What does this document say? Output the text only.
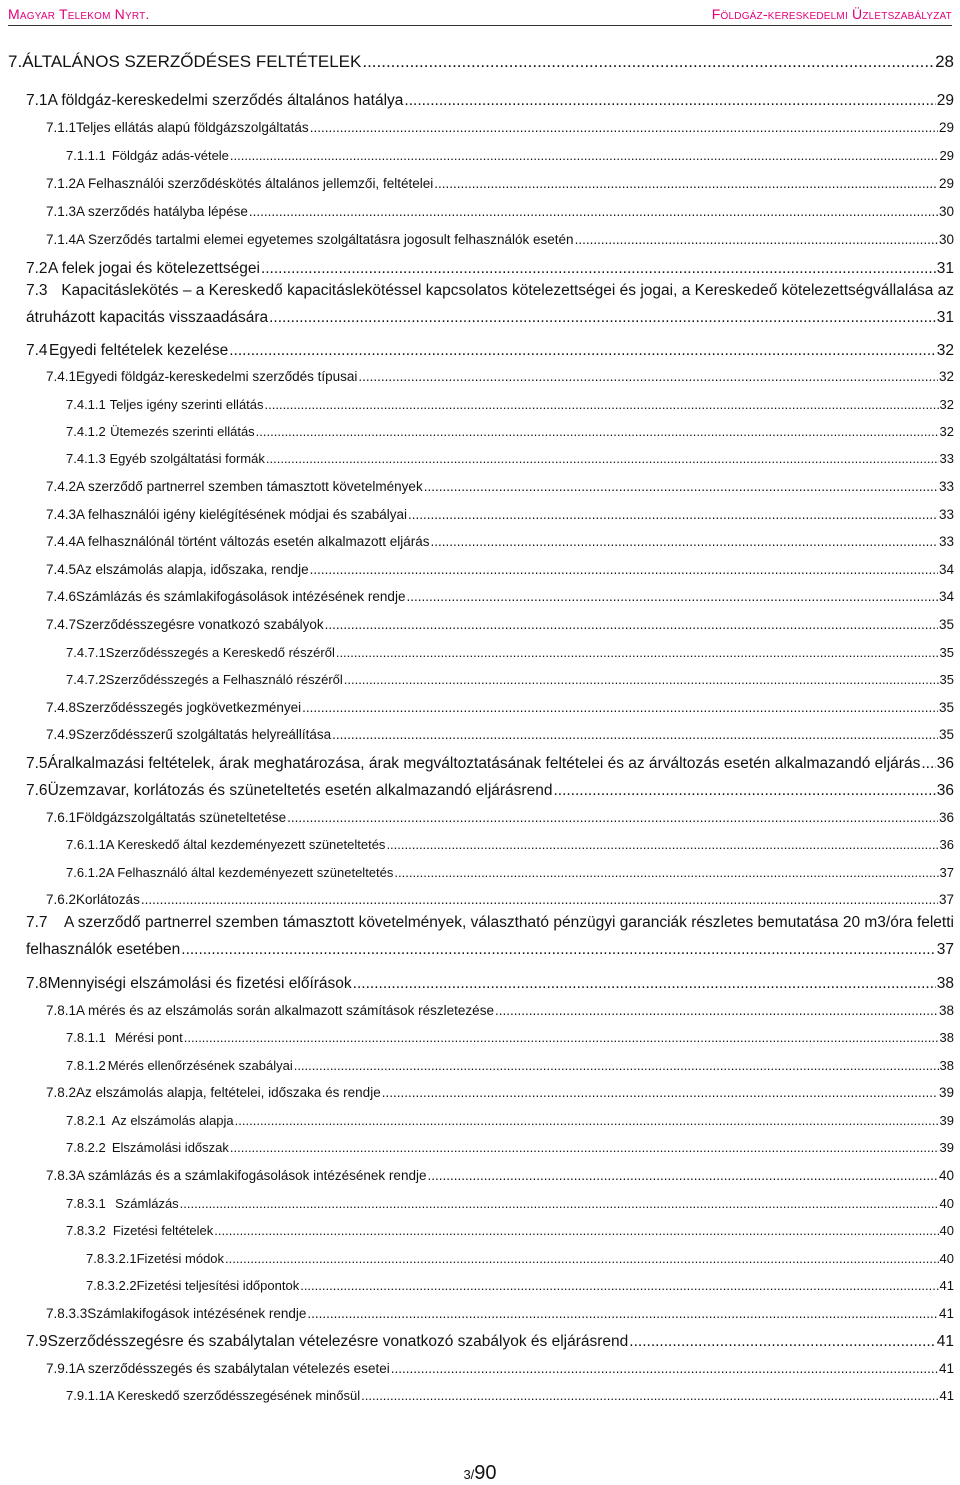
Magyar Telekom Nyrt.	Földgáz-kereskedelmi Üzletszabályzat
7. ÁLTALÁNOS SZERZŐDÉSES FELTÉTELEK .....	28
7.1 A földgáz-kereskedelmi szerződés általános hatálya .....	29
7.1.1 Teljes ellátás alapú földgázszolgáltatás .....	29
7.1.1.1 Földgáz adás-vétele .....	29
7.1.2 A Felhasználói szerződéskötés általános jellemzői, feltételei .....	29
7.1.3 A szerződés hatályba lépése .....	30
7.1.4 A Szerződés tartalmi elemei egyetemes szolgáltatásra jogosult felhasználók esetén .....	30
7.2 A felek jogai és kötelezettségei .....	31
7.3 Kapacitáslekötés – a Kereskedő kapacitáslekötéssel kapcsolatos kötelezettségei és jogai, a Kereskedeő kötelezettségvállalása az
átruházott kapacitás visszaadására .....	31
7.4 Egyedi feltételek kezelése .....	32
7.4.1 Egyedi földgáz-kereskedelmi szerződés típusai .....	32
7.4.1.1 Teljes igény szerinti ellátás .....	32
7.4.1.2 Ütemezés szerinti ellátás .....	32
7.4.1.3 Egyéb szolgáltatási formák .....	33
7.4.2 A szerződő partnerrel szemben támasztott követelmények .....	33
7.4.3 A felhasználói igény kielégítésének módjai és szabályai .....	33
7.4.4 A felhasználónál történt változás esetén alkalmazott eljárás .....	33
7.4.5 Az elszámolás alapja, időszaka, rendje .....	34
7.4.6 Számlázás és számlakifogásolások intézésének rendje .....	34
7.4.7 Szerződésszegésre vonatkozó szabályok .....	35
7.4.7.1 Szerződésszegés a Kereskedő részéről .....	35
7.4.7.2 Szerződésszegés a Felhasználó részéről .....	35
7.4.8 Szerződésszegés jogkövetkezményei .....	35
7.4.9 Szerződésszerű szolgáltatás helyreállítása .....	35
7.5 Áralkalmazási feltételek, árak meghatározása, árak megváltoztatásának feltételei és az árváltozás esetén alkalmazandó eljárás ..... 36
7.6 Üzemzavar, korlátozás és szüneteltetés esetén alkalmazandó eljárásrend .....	36
7.6.1 Földgázszolgáltatás szüneteltetése .....	36
7.6.1.1 A Kereskedő által kezdeményezett szüneteltetés .....	36
7.6.1.2 A Felhasználó által kezdeményezett szüneteltetés .....	37
7.6.2 Korlátozás .....	37
7.7	A szerződő partnerrel szemben támasztott követelmények, választható pénzügyi garanciák részletes bemutatása 20 m3/óra feletti
felhasználók esetében .....	37
7.8 Mennyiségi elszámolási és fizetési előírások .....	38
7.8.1 A mérés és az elszámolás során alkalmazott számítások részletezése .....	38
7.8.1.1 Mérési pont .....	38
7.8.1.2 Mérés ellenőrzésének szabályai .....	38
7.8.2 Az elszámolás alapja, feltételei, időszaka és rendje .....	39
7.8.2.1 Az elszámolás alapja .....	39
7.8.2.2 Elszámolási időszak .....	39
7.8.3 A számlázás és a számlakifogásolások intézésének rendje .....	40
7.8.3.1 Számlázás .....	40
7.8.3.2 Fizetési feltételek .....	40
7.8.3.2.1 Fizetési módok .....	40
7.8.3.2.2 Fizetési teljesítési időpontok .....	41
7.8.3.3 Számlakifogások intézésének rendje .....	41
7.9 Szerződésszegésre és szabálytalan vételezésre vonatkozó szabályok és eljárásrend .....	41
7.9.1 A szerződésszegés és szabálytalan vételezés esetei .....	41
7.9.1.1 A Kereskedő szerződésszegésének minősül .....	41
3/90
